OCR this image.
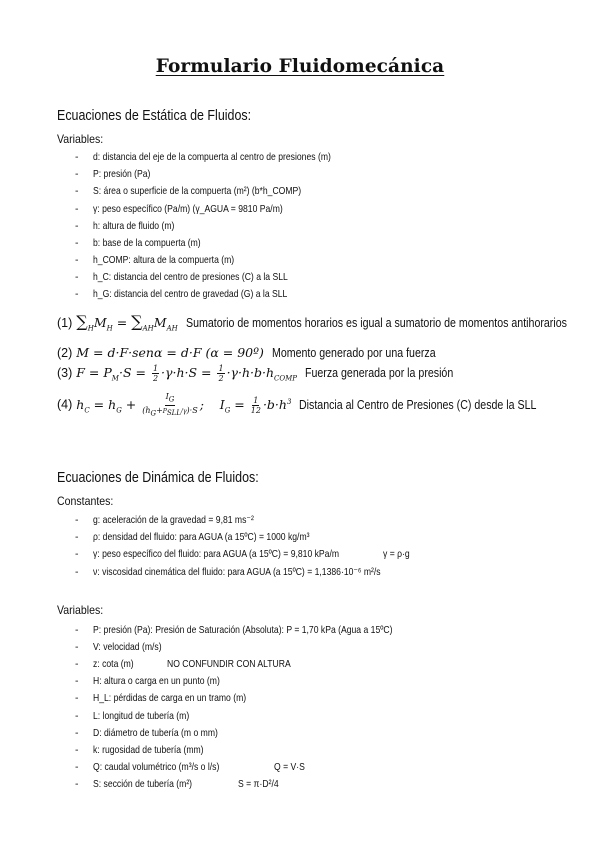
Formulario Fluidomecánica
Ecuaciones de Estática de Fluidos:
Variables:
- d: distancia del eje de la compuerta al centro de presiones (m)
- P: presión (Pa)
- S: área o superficie de la compuerta (m²) (b*h_COMP)
- γ: peso específico (Pa/m) (γ_AGUA = 9810 Pa/m)
- h: altura de fluido (m)
- b: base de la compuerta (m)
- h_COMP: altura de la compuerta (m)
- h_C: distancia del centro de presiones (C) a la SLL
- h_G: distancia del centro de gravedad (G) a la SLL
(1) $\sum_HM_H = \sum_{AH}M_{AH}$ Sumatorio de momentos horarios es igual a sumatorio de momentos antihorarios
(2) M = d·F·senα = d·F (α = 90º) Momento generado por una fuerza
(3) $F = P_M\cdot S = \frac{1}{2} \cdot\gamma\cdot h\cdot S = \frac{1}{2} \cdot\gamma\cdot h\cdot b\cdot h_{COMP}$ Fuerza generada por la presión
(4) $h_C = h_G + \frac{I_G}{(h_G+P_{SLL}/\gamma)\cdot S}$ ;    $I_G = \frac{1}{12} \cdot b\cdot h^3$ Distancia al Centro de Presiones (C) desde la SLL
Ecuaciones de Dinámica de Fluidos:
Constantes:
- g: aceleración de la gravedad = 9,81 ms⁻²
- ρ: densidad del fluido: para AGUA (a 15ºC) = 1000 kg/m³
- γ: peso específico del fluido: para AGUA (a 15ºC) = 9,810 kPa/m	γ = ρ·g
- ν: viscosidad cinemática del fluido: para AGUA (a 15ºC) = 1,1386·10⁻⁶ m²/s
Variables:
- P: presión (Pa): Presión de Saturación (Absoluta): P = 1,70 kPa (Agua a 15ºC)
- V: velocidad (m/s)
- z: cota (m)	NO CONFUNDIR CON ALTURA
- H: altura o carga en un punto (m)
- H_L: pérdidas de carga en un tramo (m)
- L: longitud de tubería (m)
- D: diámetro de tubería (m o mm)
- k: rugosidad de tubería (mm)
- Q: caudal volumétrico (m³/s o l/s)	Q = V·S
- S: sección de tubería (m²)	S = π·D²/4
